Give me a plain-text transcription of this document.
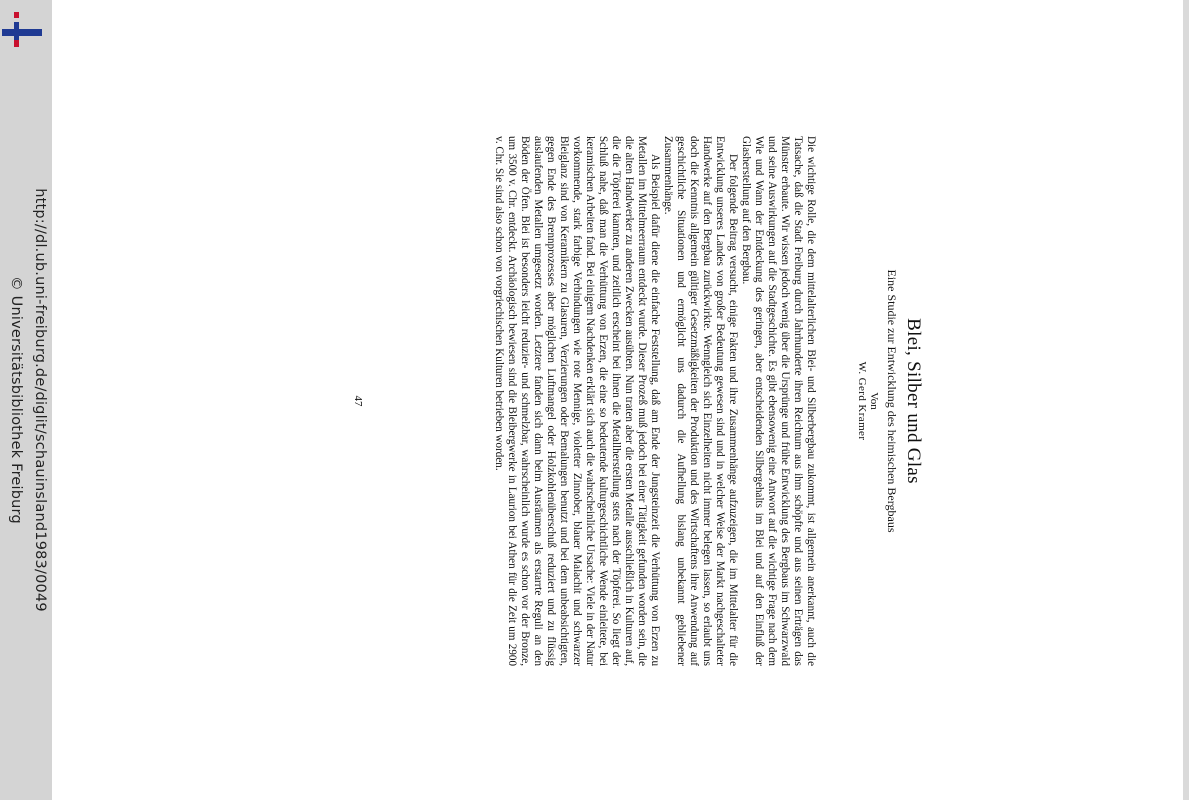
http://dl.ub.uni-freiburg.de/diglit/schauinsland1983/0049
© Universitätsbibliothek Freiburg	Blei, Silber und Glas
Eine Studie zur Entwicklung des heimischen Bergbaus
Von
W. Gerd Kramer

Die wichtige Rolle, die dem mittelalterlichen Blei- und Silberbergbau zukommt, ist allgemein anerkannt, auch die Tatsache, daß die Stadt Freiburg durch Jahrhunderte ihren Reichtum aus ihm schöpfte und aus seinen Erträgen das Münster erbaute. Wir wissen jedoch wenig über die Ursprünge und frühe Entwicklung des Bergbaus im Schwarzwald und seine Auswirkungen auf die Stadtgeschichte. Es gibt ebensowenig eine Antwort auf die wichtige Frage nach dem Wie und Wann der Entdeckung des geringen, aber entscheidenden Silbergehalts im Blei und auf den Einfluß der Glasherstellung auf den Bergbau.

Der folgende Beitrag versucht, einige Fakten und ihre Zusammenhänge aufzuzeigen, die im Mittelalter für die Entwicklung unseres Landes von großer Bedeutung gewesen sind und in welcher Weise der Markt nachgeschalteter Handwerke auf den Bergbau zurückwirkte. Wenngleich sich Einzelheiten nicht immer belegen lassen, so erlaubt uns doch die Kenntnis allgemein gültiger Gesetzmäßigkeiten der Produktion und des Wirtschaftens ihre Anwendung auf geschichtliche Situationen und ermöglicht uns dadurch die Aufhellung bislang unbekannt gebliebener Zusammenhänge.

Als Beispiel dafür diene die einfache Feststellung, daß am Ende der Jungsteinzeit die Verhüttung von Erzen zu Metallen im Mittelmeerraum entdeckt wurde. Dieser Prozeß muß jedoch bei einer Tätigkeit gefunden worden sein, die die alten Handwerker zu anderen Zwecken ausübten. Nun traten aber die ersten Metalle ausschließlich in Kulturen auf, die die Töpferei kannten, und zeitlich erscheint bei ihnen die Metallherstellung stets nach der Töpferei. So liegt der Schluß nahe, daß man die Verhüttung von Erzen, die eine so bedeutende kulturgeschichtliche Wende einleitete, bei keramischen Arbeiten fand. Bei einigem Nachdenken erklärt sich auch die wahrscheinliche Ursache: Viele in der Natur vorkommende, stark farbige Verbindungen wie rote Mennige, violetter Zinnober, blauer Malachit und schwarzer Bleiglanz sind von Keramikern zu Glasuren, Verzierungen oder Bemalungen benutzt und bei dem unbeabsichtigten, gegen Ende des Brennprozesses aber möglichen Luftmangel oder Holzkohlenüberschuß reduziert und zu flüssig auslaufenden Metallen umgesetzt worden. Letztere fanden sich dann beim Ausräumen als erstarrte Reguli an den Böden der Öfen. Blei ist besonders leicht reduzier- und schmelzbar, wahrscheinlich wurde es schon vor der Bronze, um 3500 v. Chr. entdeckt. Archäologisch bewiesen sind die Bleibergwerke in Laurion bei Athen für die Zeit um 2900 v. Chr. Sie sind also schon von vorgriechischen Kulturen betrieben worden.

47
